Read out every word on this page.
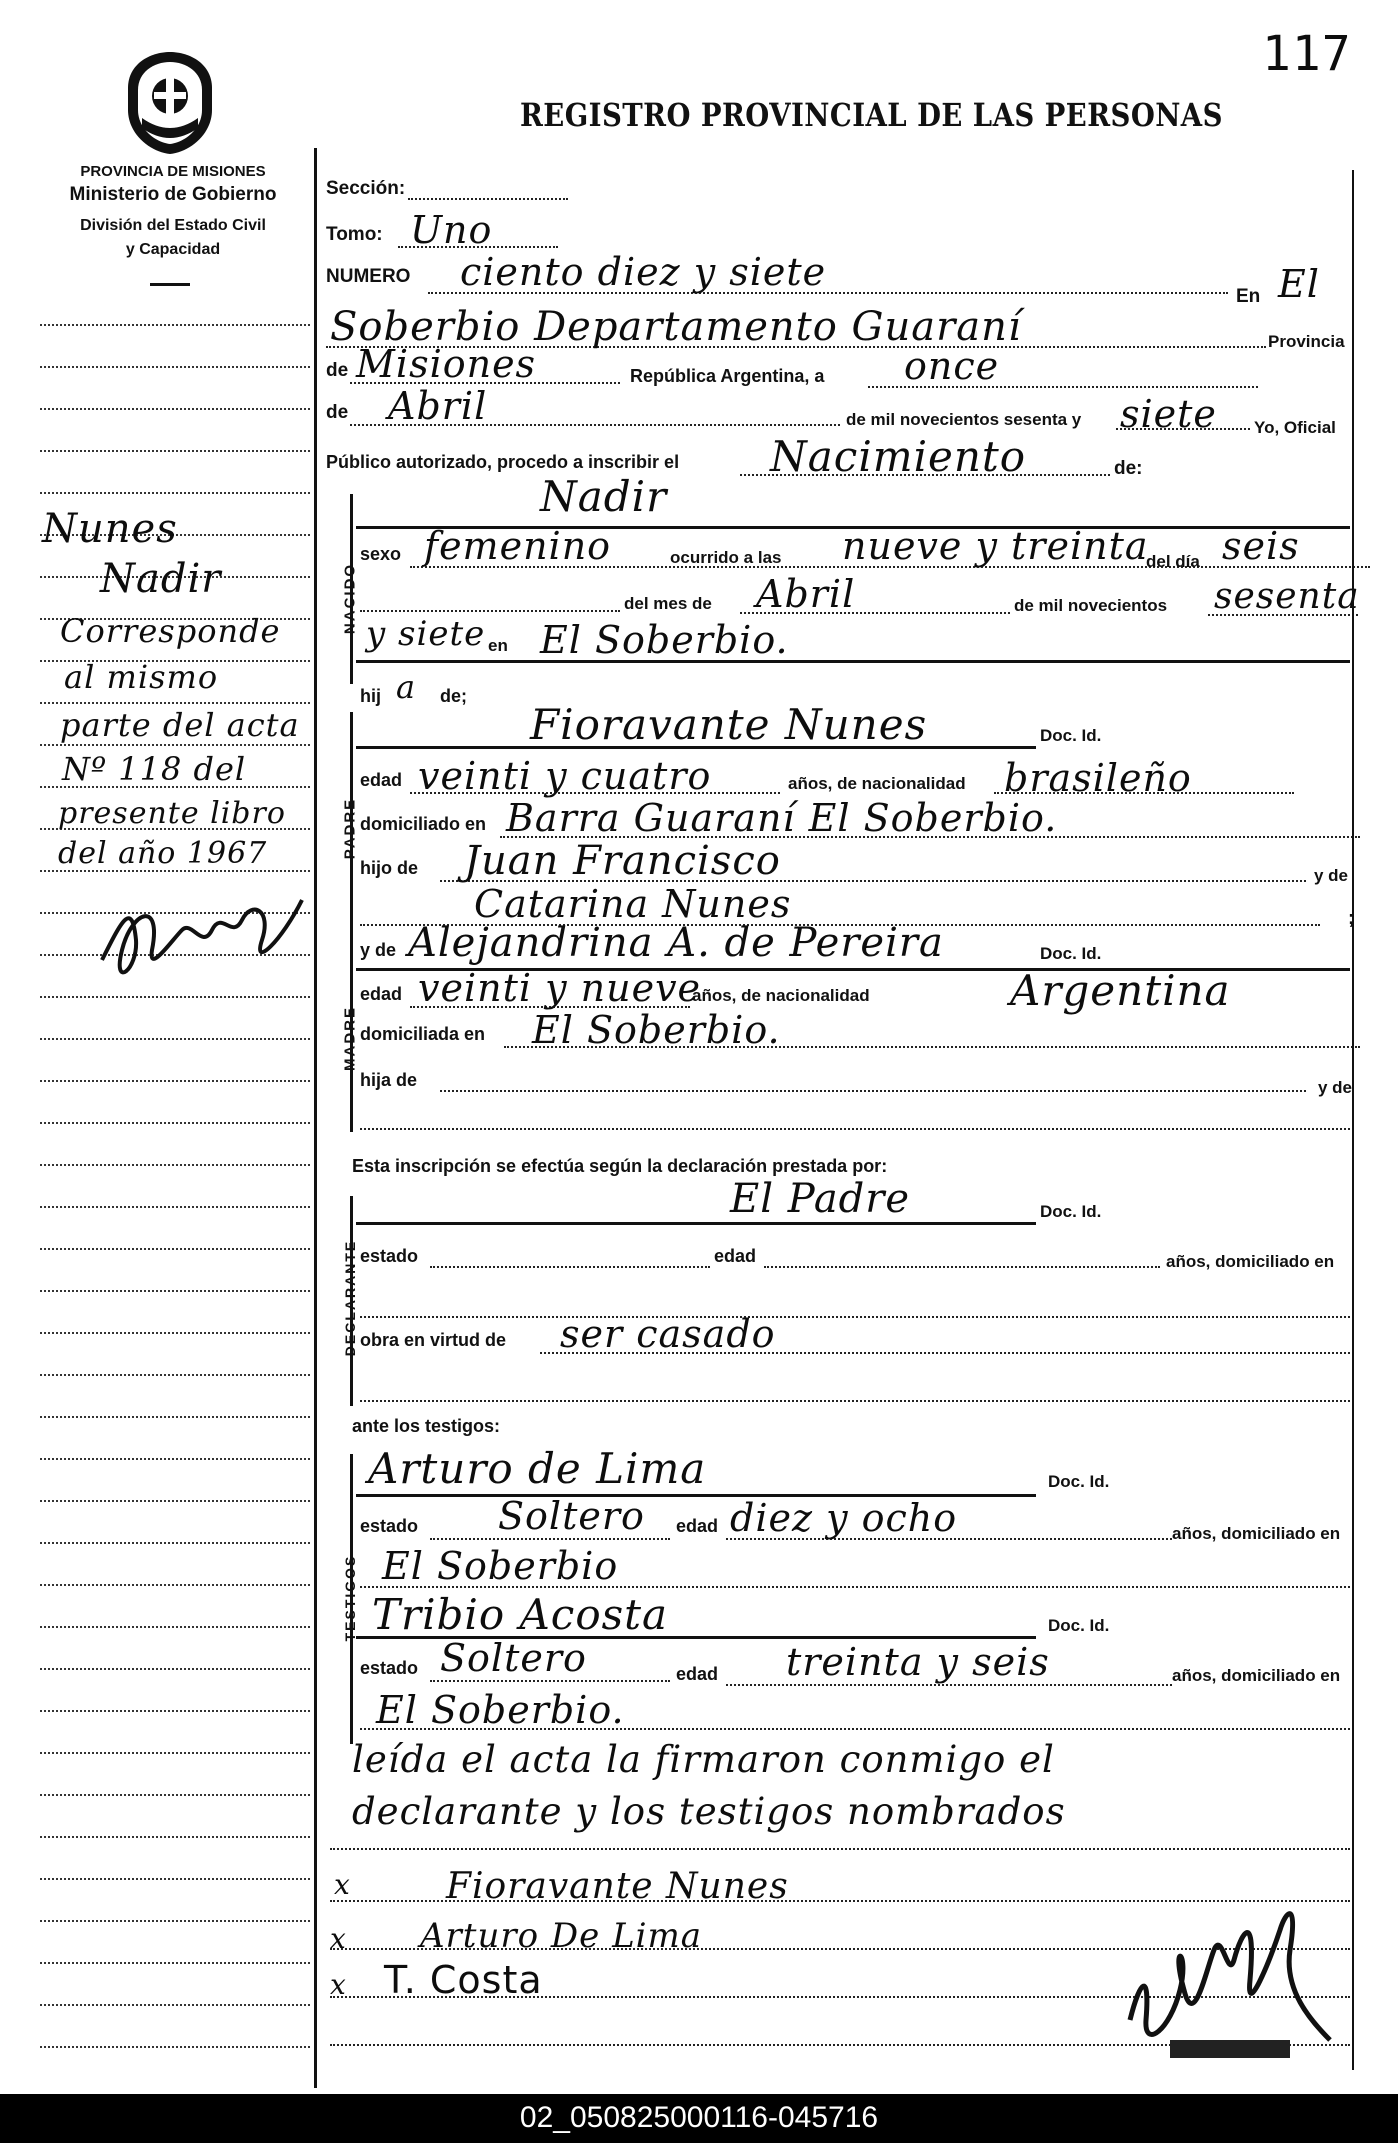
PROVINCIA DE MISIONES
Ministerio de Gobierno
División del Estado Civil
y Capacidad
REGISTRO PROVINCIAL DE LAS PERSONAS
117
Nunes
Nadir
Corresponde
al mismo
parte del acta
Nº 118 del
presente libro
del año 1967
Sección:
Tomo: Uno
NUMERO ciento diez y siete
En El
Soberbio Departamento Guaraní	Provincia
de Misiones	República Argentina, a once
de Abril	de mil novecientos sesenta y siete Yo, Oficial
Público autorizado, procedo a inscribir el Nacimiento	de:
NACIDO
Nadir
sexo femenino	ocurrido a las nueve y treinta
del día seis
del mes de Abril	de mil novecientos sesenta
y siete en El Soberbio.
hij a de;
PADRE
Fioravante Nunes	Doc. Id.
edad veinti y cuatro	años, de nacionalidad brasileño
domiciliado en Barra Guaraní El Soberbio.
hijo de Juan Francisco	y de
Catarina Nunes	;
MADRE
y de Alejandrina A. de Pereira	Doc. Id.
edad veinti y nueve
años, de nacionalidad	Argentina
domiciliada en El Soberbio.
hija de	y de
Esta inscripción se efectúa según la declaración prestada por:
DECLARANTE
El Padre	Doc. Id.
estado	edad	años, domiciliado en
obra en virtud de ser casado
ante los testigos:
TESTIGOS
Arturo de Lima	Doc. Id.
estado Soltero edad diez y ocho	años, domiciliado en
El Soberbio
Tribio Acosta	Doc. Id.
estado Soltero	edad treinta y seis	años, domiciliado en
El Soberbio.
leída el acta la firmaron conmigo el
declarante y los testigos nombrados
x	Fioravante Nunes
x Arturo De Lima
x T. Costa
02_050825000116-045716
